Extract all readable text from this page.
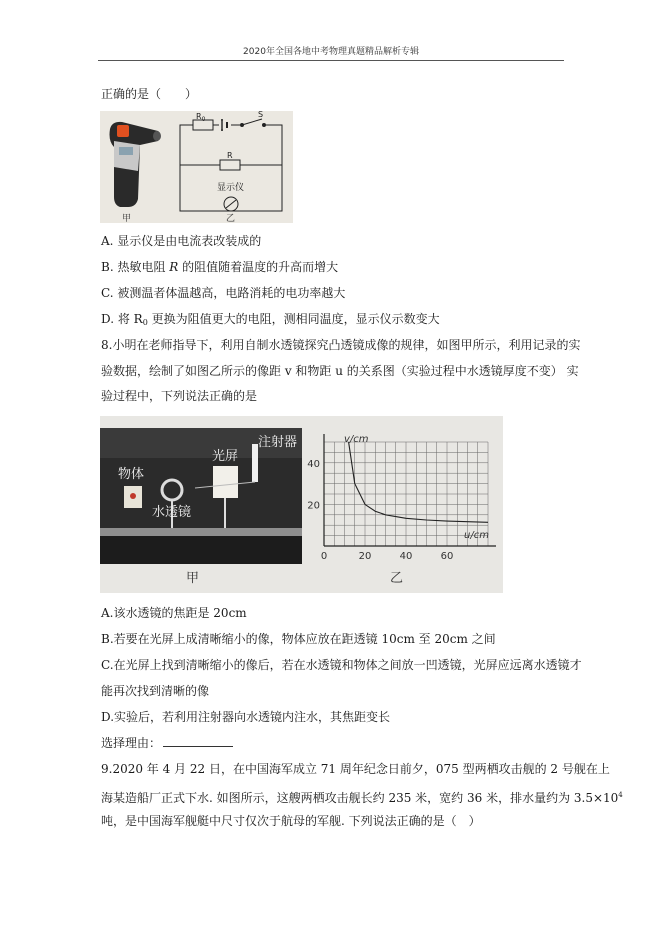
2020年全国各地中考物理真题精品解析专辑
正确的是（　　）
甲
$R_0$
S
R
显示仪
乙
A. 显示仪是由电流表改装成的
B. 热敏电阻 R 的阻值随着温度的升高而增大
C. 被测温者体温越高，电路消耗的电功率越大
D. 将 $R_0$ 更换为阻值更大的电阻，测相同温度，显示仪示数变大
8.小明在老师指导下，利用自制水透镜探究凸透镜成像的规律，如图甲所示，利用记录的实
验数据，绘制了如图乙所示的像距 v 和物距 u 的关系图（实验过程中水透镜厚度不变） 实
验过程中，下列说法正确的是
物体
水透镜
光屏
注射器
甲
0	20	40	60
20
40
v/cm
u/cm
乙
A.该水透镜的焦距是 20cm
B.若要在光屏上成清晰缩小的像，物体应放在距透镜 10cm 至 20cm 之间
C.在光屏上找到清晰缩小的像后，若在水透镜和物体之间放一凹透镜，光屏应远离水透镜才
能再次找到清晰的像
D.实验后，若利用注射器向水透镜内注水，其焦距变长
选择理由：
9.2020 年 4 月 22 日，在中国海军成立 71 周年纪念日前夕，075 型两栖攻击舰的 2 号舰在上
海某造船厂正式下水. 如图所示，这艘两栖攻击舰长约 235 米，宽约 36 米，排水量约为 $3.5\times 10^4$
吨，是中国海军舰艇中尺寸仅次于航母的军舰. 下列说法正确的是（　）
